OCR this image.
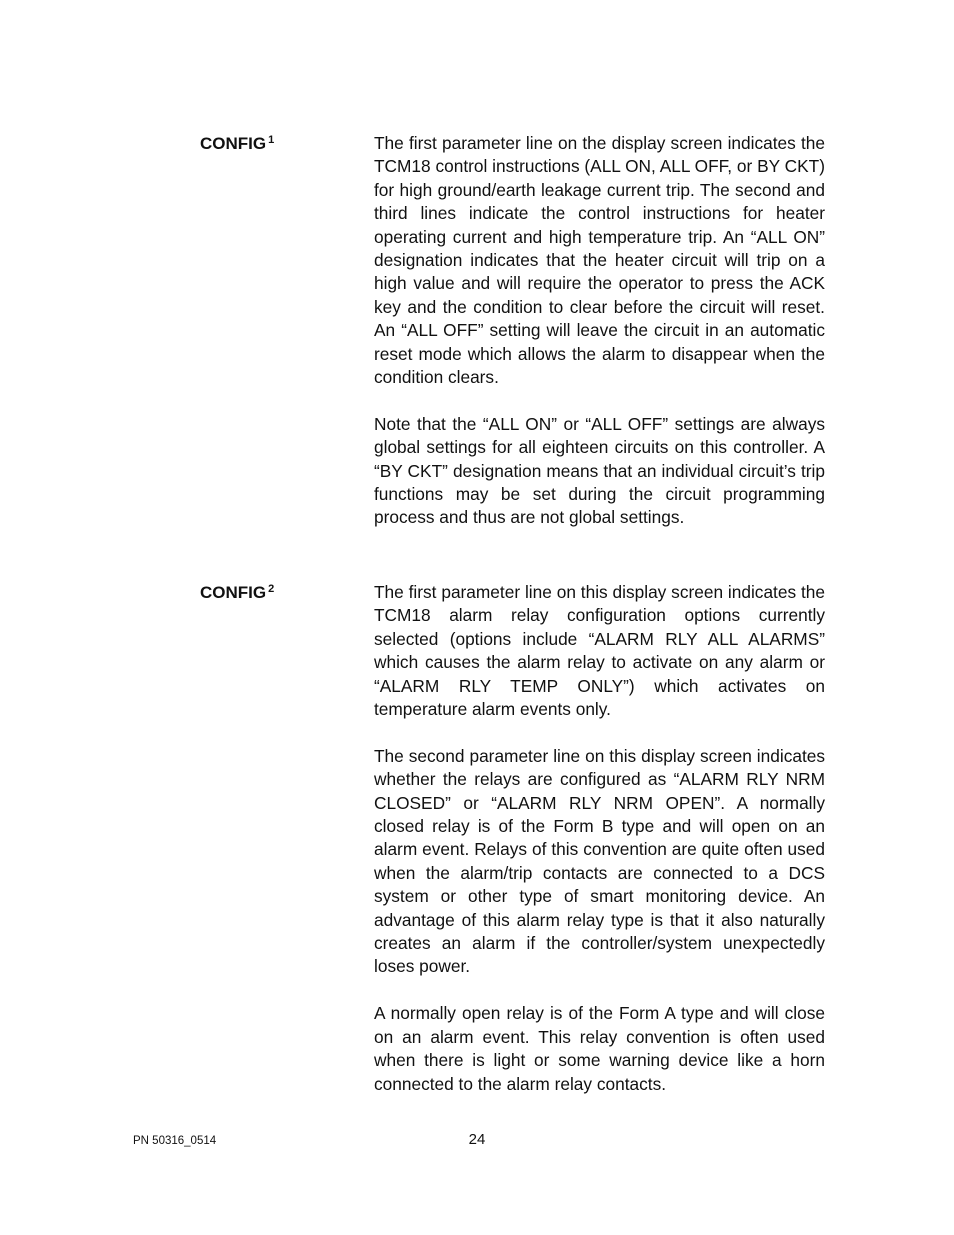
CONFIG $^1$	The first parameter line on the display screen indicates the TCM18 control instructions (ALL ON, ALL OFF, or BY CKT) for high ground/earth leakage current trip. The second and third lines indicate the control instructions for heater operating current and high temperature trip. An “ALL ON” designation indicates that the heater circuit will trip on a high value and will require the operator to press the ACK key and the condition to clear before the circuit will reset. An “ALL OFF” setting will leave the circuit in an automatic reset mode which allows the alarm to disappear when the condition clears.

Note that the “ALL ON” or “ALL OFF” settings are always global settings for all eighteen circuits on this controller. A “BY CKT” designation means that an individual circuit’s trip functions may be set during the circuit programming process and thus are not global settings.

CONFIG $^2$	The first parameter line on this display screen indicates the TCM18 alarm relay configuration options currently selected (options include “ALARM RLY ALL ALARMS” which causes the alarm relay to activate on any alarm or “ALARM RLY TEMP ONLY”) which activates on temperature alarm events only.

The second parameter line on this display screen indicates whether the relays are configured as “ALARM RLY NRM CLOSED” or “ALARM RLY NRM OPEN”. A normally closed relay is of the Form B type and will open on an alarm event. Relays of this convention are quite often used when the alarm/trip contacts are connected to a DCS system or other type of smart monitoring device. An advantage of this alarm relay type is that it also naturally creates an alarm if the controller/system unexpectedly loses power.

A normally open relay is of the Form A type and will close on an alarm event. This relay convention is often used when there is light or some warning device like a horn connected to the alarm relay contacts.

PN 50316_0514	24
